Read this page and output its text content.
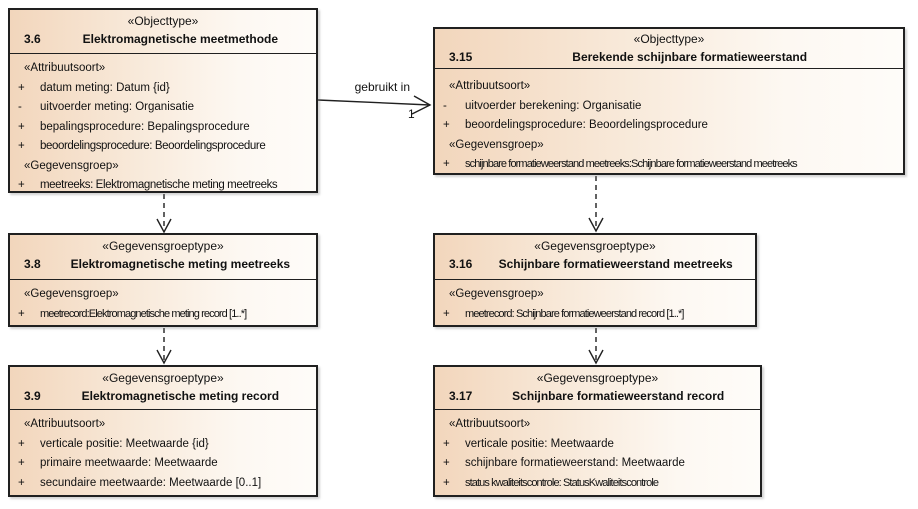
gebruikt in
1
«Objecttype»
3.6	Elektromagnetische meetmethode
«Attribuutsoort»
+	datum meting: Datum {id}
-	uitvoerder meting: Organisatie
+	bepalingsprocedure: Bepalingsprocedure
+	beoordelingsprocedure: Beoordelingsprocedure
«Gegevensgroep»
+	meetreeks: Elektromagnetische meting meetreeks
«Objecttype»
3.15	Berekende schijnbare formatieweerstand
«Attribuutsoort»
-	uitvoerder berekening: Organisatie
+	beoordelingsprocedure: Beoordelingsprocedure
«Gegevensgroep»
+	schijnbare formatieweerstand meetreeks:Schijnbare formatieweerstand meetreeks
«Gegevensgroeptype»
3.8	Elektromagnetische meting meetreeks
«Gegevensgroep»
+	meetrecord:Elektromagnetische meting record [1..*]
«Gegevensgroeptype»
3.16	Schijnbare formatieweerstand meetreeks
«Gegevensgroep»
+	meetrecord: Schijnbare formatieweerstand record [1..*]
«Gegevensgroeptype»
3.9	Elektromagnetische meting record
«Attribuutsoort»
+	verticale positie: Meetwaarde {id}
+	primaire meetwaarde: Meetwaarde
+	secundaire meetwaarde: Meetwaarde [0..1]
«Gegevensgroeptype»
3.17	Schijnbare formatieweerstand record
«Attribuutsoort»
+	verticale positie: Meetwaarde
+	schijnbare formatieweerstand: Meetwaarde
+	status kwaliteitscontrole: StatusKwaliteitscontrole
